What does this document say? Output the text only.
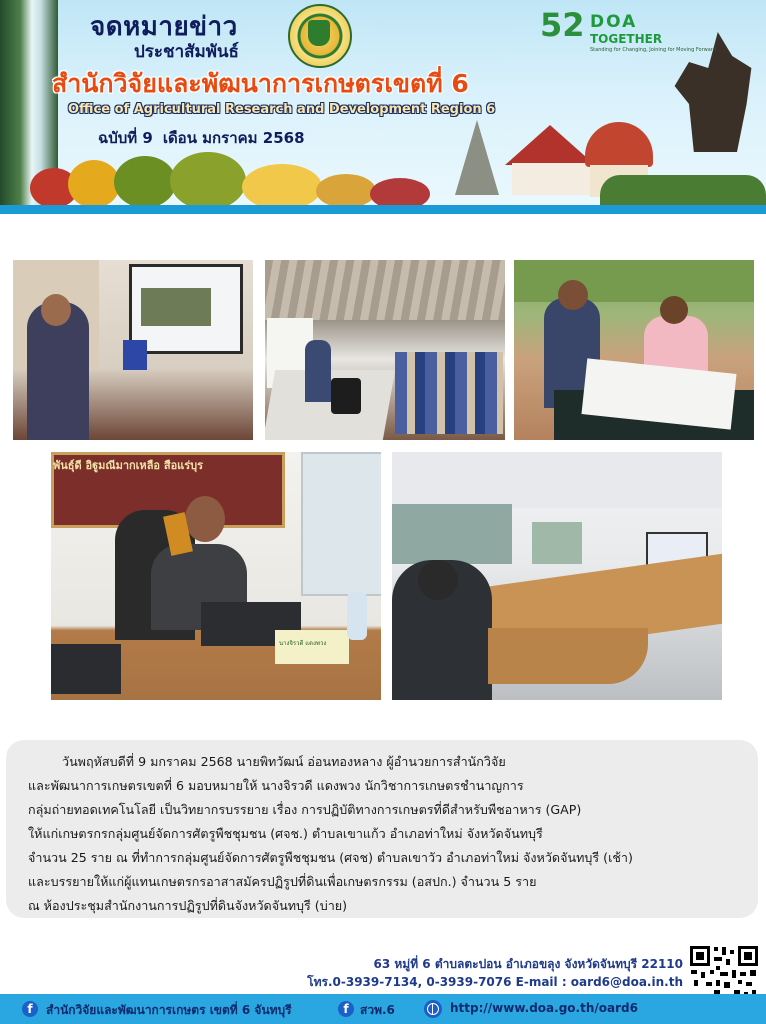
52 DOA
TOGETHER
Standing for Changing, Joining for Moving Forward
จดหมายข่าว
ประชาสัมพันธ์
สำนักวิจัยและพัฒนาการเกษตรเขตที่ 6
Office of Agricultural Research and Development Region 6
ฉบับที่ 9 เดือน มกราคม 2568
พันธุ์ดี อิฐูมณีมากเหลือ สือแร่บุร
นางจิรวดี แดงพวง
วันพฤหัสบดีที่ 9 มกราคม 2568 นายพิทวัฒน์ อ่อนทองหลาง ผู้อำนวยการสำนักวิจัย
และพัฒนาการเกษตรเขตที่ 6 มอบหมายให้ นางจิรวดี แดงพวง นักวิชาการเกษตรชำนาญการ
กลุ่มถ่ายทอดเทคโนโลยี เป็นวิทยากรบรรยาย เรื่อง การปฏิบัติทางการเกษตรที่ดีสำหรับพืชอาหาร (GAP)
ให้แก่เกษตรกรกลุ่มศูนย์จัดการศัตรูพืชชุมชน (ศจช.) ตำบลเขาแก้ว อำเภอท่าใหม่ จังหวัดจันทบุรี
จำนวน 25 ราย ณ ที่ทำการกลุ่มศูนย์จัดการศัตรูพืชชุมชน (ศจช) ตำบลเขาวัว อำเภอท่าใหม่ จังหวัดจันทบุรี (เช้า)
และบรรยายให้แก่ผู้แทนเกษตรกรอาสาสมัครปฏิรูปที่ดินเพื่อเกษตรกรรม (อสปก.) จำนวน 5 ราย
ณ ห้องประชุมสำนักงานการปฏิรูปที่ดินจังหวัดจันทบุรี (บ่าย)
63 หมู่ที่ 6 ตำบลตะปอน อำเภอขลุง จังหวัดจันทบุรี 22110
โทร.0-3939-7134, 0-3939-7076 E-mail : oard6@doa.in.th
f	สำนักวิจัยและพัฒนาการเกษตร เขตที่ 6 จันทบุรี	f สวพ.6	http://www.doa.go.th/oard6
